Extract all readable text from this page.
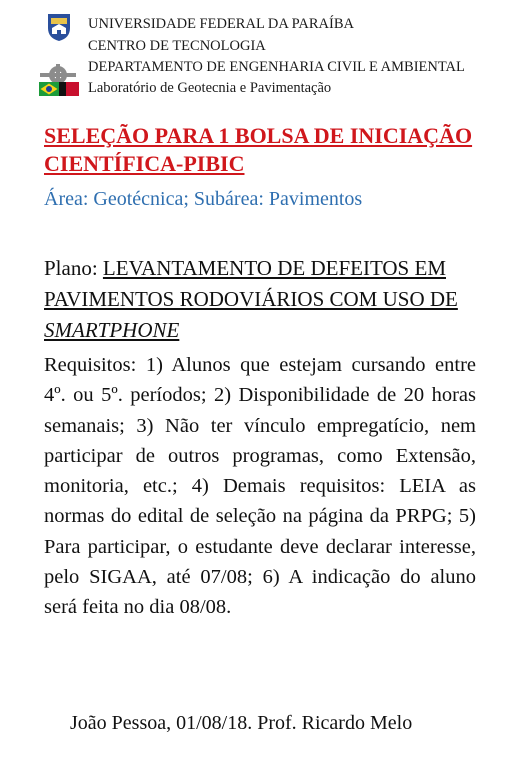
UNIVERSIDADE FEDERAL DA PARAÍBA
CENTRO DE TECNOLOGIA
DEPARTAMENTO DE ENGENHARIA CIVIL E AMBIENTAL
Laboratório de Geotecnia e Pavimentação
SELEÇÃO PARA 1 BOLSA DE INICIAÇÃO CIENTÍFICA-PIBIC
Área: Geotécnica; Subárea: Pavimentos
Plano: LEVANTAMENTO DE DEFEITOS EM PAVIMENTOS RODOVIÁRIOS COM USO DE SMARTPHONE
Requisitos: 1) Alunos que estejam cursando entre 4º. ou 5º. períodos; 2) Disponibilidade de 20 horas semanais; 3) Não ter vínculo empregatício, nem participar de outros programas, como Extensão, monitoria, etc.; 4) Demais requisitos: LEIA as normas do edital de seleção na página da PRPG; 5) Para participar, o estudante deve declarar interesse, pelo SIGAA, até 07/08; 6) A indicação do aluno será feita no dia 08/08.
João Pessoa, 01/08/18. Prof. Ricardo Melo
